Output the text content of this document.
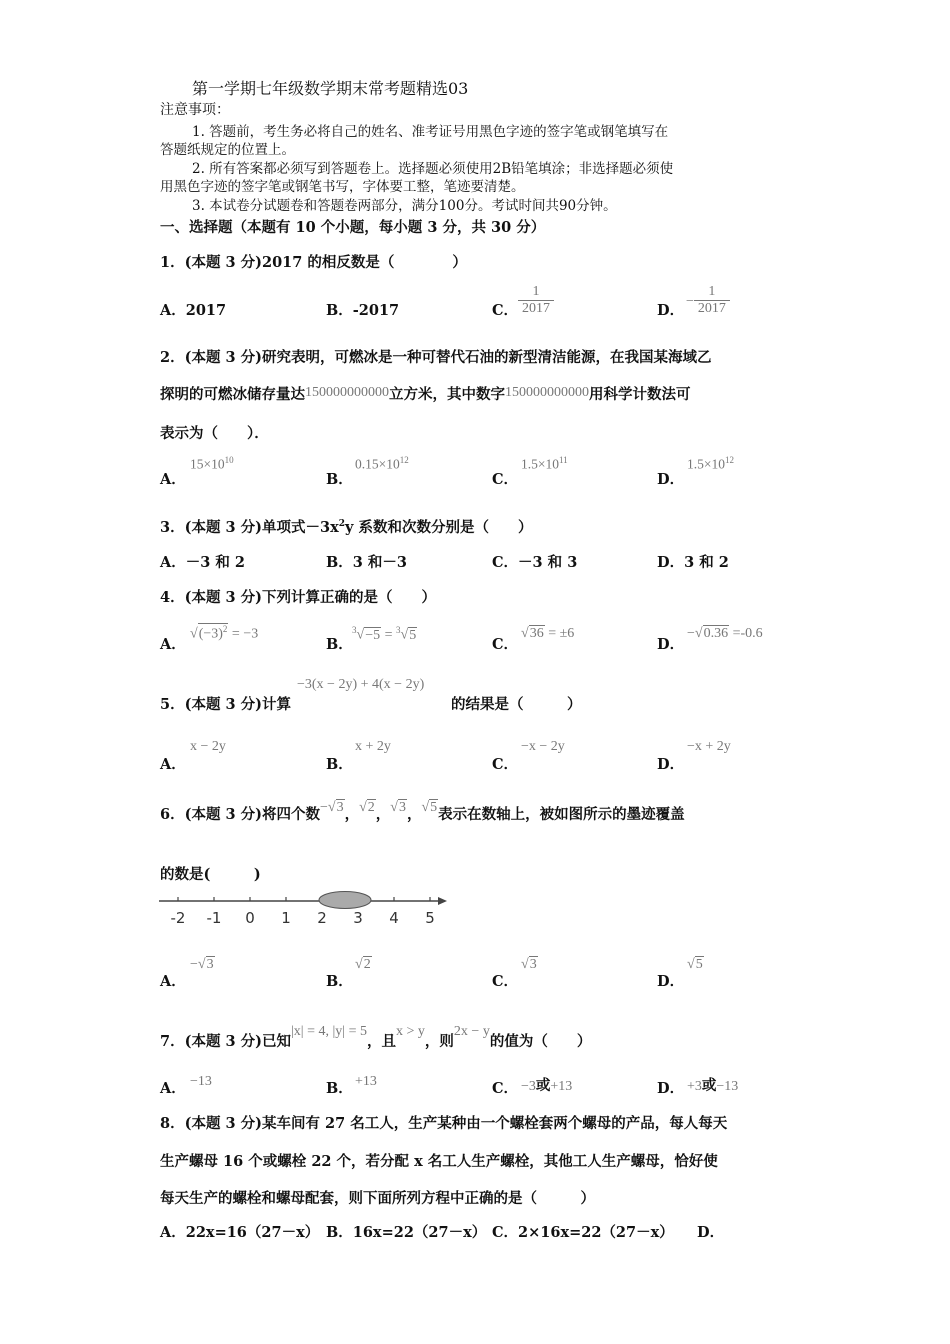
第一学期七年级数学期末常考题精选03
注意事项：
1. 答题前，考生务必将自己的姓名、准考证号用黑色字迹的签字笔或钢笔填写在
答题纸规定的位置上。
2. 所有答案都必须写到答题卷上。选择题必须使用2B铅笔填涂；非选择题必须使
用黑色字迹的签字笔或钢笔书写，字体要工整，笔迹要清楚。
3. 本试卷分试题卷和答题卷两部分，满分100分。考试时间共90分钟。
一、选择题（本题有 10 个小题，每小题 3 分，共 30 分）
1．(本题 3 分)2017 的相反数是（　　　　）
A．2017	B．-2017	C． $\frac{1}{2017}$	D．
− $\frac{1}{2017}$
2．(本题 3 分)研究表明，可燃冰是一种可替代石油的新型清洁能源，在我国某海域乙
探明的可燃冰储存量达150000000000立方米，其中数字150000000000用科学计数法可
表示为（　　）．
A．
$15\times 10^{10}$
B．
$0.15\times 10^{12}$
C．
$1.5\times 10^{11}$
D．
$1.5\times 10^{12}$
3．(本题 3 分)单项式$-3x^2y$ 系数和次数分别是（　　）
A．－3 和 2	B．3 和－3	C．－3 和 3	D．3 和 2
4．(本题 3 分)下列计算正确的是（　　）
A．
$√(-3)^2 = -3$
B．
$^3$√−5 = $^3$√5
C．
√36 = ±6
D．
−√0.36 =-0.6
5．(本题 3 分)计算
−3(x − 2y) + 4(x − 2y)
的结果是（　　　）
A．
x − 2y
B．
x + 2y
C．
−x − 2y
D．
−x + 2y
6．(本题 3 分)将四个数−√3，√2，√3，√5表示在数轴上，被如图所示的墨迹覆盖
的数是(　　　)
-2 -1 0 1 2 3 4 5
A．
−√3
B．
√2
C．
√3
D．
√5
7．(本题 3 分)已知|x| = 4, |y| = 5，且x > y，则2x − y的值为（　　）
A． −13	B． +13	C． −3或+13	D． +3或−13
8．(本题 3 分)某车间有 27 名工人，生产某种由一个螺栓套两个螺母的产品，每人每天
生产螺母 16 个或螺栓 22 个，若分配 x 名工人生产螺栓，其他工人生产螺母，恰好使
每天生产的螺栓和螺母配套，则下面所列方程中正确的是（　　　）
A．22x=16（27－x） B．16x=22（27－x） C．2×16x=22（27－x） D．
